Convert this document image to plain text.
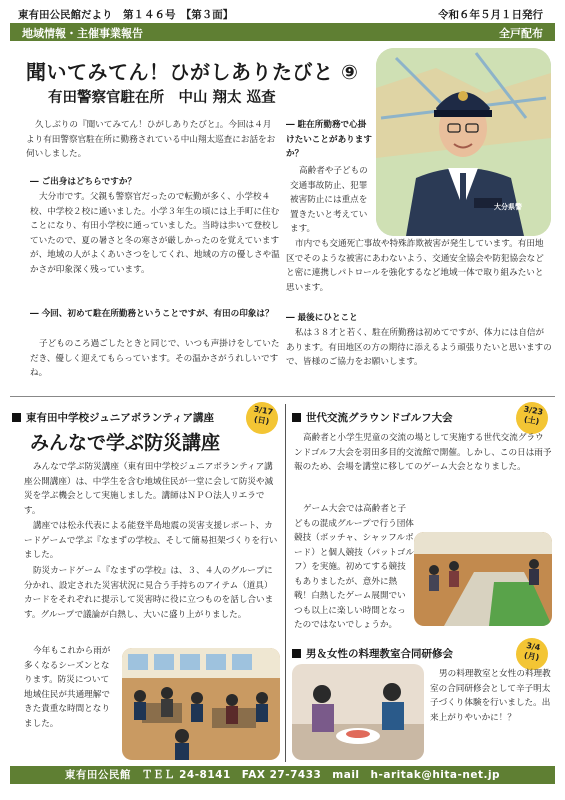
東有田公民館だより　第１４６号　【第３面】	令和６年５月１日発行
地域情報・主催事業報告	全戸配布
聞いてみてん！ひがしありたびと ⑨
有田警察官駐在所　中山 翔太 巡査
大分県警
久しぶりの『聞いてみてん！ひがしありたびと』。今回は４月より有田警察官駐在所に勤務されている中山翔太巡査にお話をお伺いしました。
― ご出身はどちらですか？
大分市です。父親も警察官だったので転勤が多く、小学校４校、中学校２校に通いました。小学３年生の頃には上手町に住むことになり、有田小学校に通っていました。当時は歩いて登校していたので、夏の暑さと冬の寒さが厳しかったのを覚えていますが、地域の人がよくあいさつをしてくれ、地域の方の優しさや温かさが印象深く残っています。
― 今回、初めて駐在所勤務ということですが、有田の印象は？
子どものころ過ごしたときと同じで、いつも声掛けをしていただき、優しく迎えてもらっています。その温かさがうれしいですね。
― 駐在所勤務で心掛けたいことがありますか？
高齢者や子どもの交通事故防止、犯罪被害防止には重点を置きたいと考えています。
市内でも交通死亡事故や特殊詐欺被害が発生しています。有田地区でそのような被害にあわないよう、交通安全協会や防犯協会などと密に連携しパトロールを強化するなど地域一体で取り組みたいと思います。
― 最後にひとこと
私は３８才と若く、駐在所勤務は初めてですが、体力には自信があります。有田地区の方の期待に添えるよう頑張りたいと思いますので、皆様のご協力をお願いします。
東有田中学校ジュニアボランティア講座
3/17
(日)
みんなで学ぶ防災講座
みんなで学ぶ防災講座（東有田中学校ジュニアボランティア講座公開講座）は、中学生を含む地域住民が一堂に会して防災や減災を学ぶ機会として実施しました。講師はＮＰＯ法人リエラです。
講座では松永代表による能登半島地震の災害支援レポート、カードゲームで学ぶ『なまずの学校』、そして簡易担架づくりを行いました。
防災カードゲーム『なまずの学校』は、３、４人のグループに分かれ、設定された災害状況に見合う手持ちのアイテム（道具）カードをそれぞれに提示して災害時に役に立つものを話し合います。グループで議論が白熱し、大いに盛り上がりました。
今年もこれから雨が多くなるシーズンとなります。防災について地域住民が共通理解できた貴重な時間となりました。
世代交流グラウンドゴルフ大会
3/23
(土)
高齢者と小学生児童の交流の場として実施する世代交流グラウンドゴルフ大会を羽田多目的交流館で開催。しかし、この日は雨予報のため、会場を講堂に移してのゲーム大会となりました。
ゲーム大会では高齢者と子どもの混成グループで行う団体競技（ボッチャ、シャッフルボード）と個人競技（パットゴルフ）を実施。初めてする競技もありましたが、意外に熱戦！白熱したゲーム展開でいつも以上に楽しい時間となったのではないでしょうか。
男＆女性の料理教室合同研修会
3/4
(月)
男の料理教室と女性の料理教室の合同研修会として辛子明太子づくり体験を行いました。出来上がりやいかに！？
東有田公民館　ＴＥＬ 24-8141　FAX 27-7433　mail　h-aritak@hita-net.jp
